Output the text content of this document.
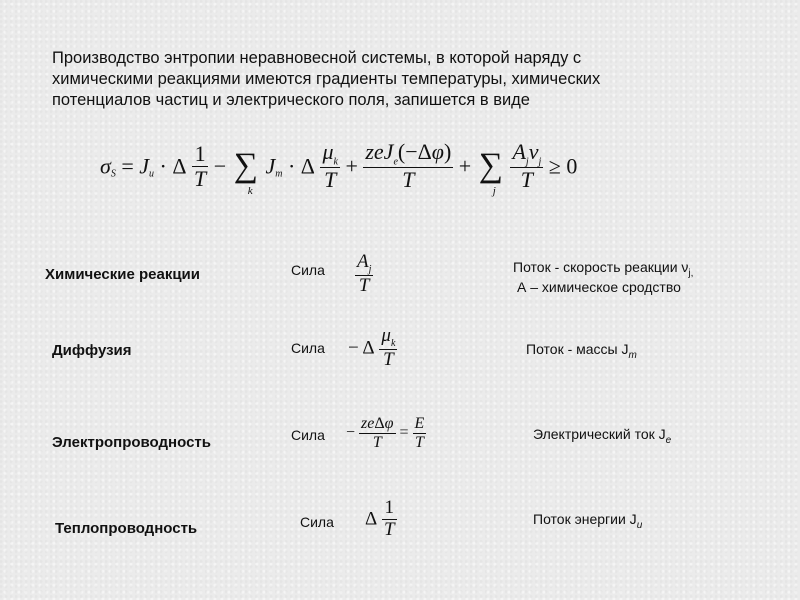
Производство энтропии неравновесной системы, в которой наряду с
химическими реакциями имеются градиенты температуры, химических
потенциалов частиц и электрического поля, запишется в виде
$\sigma_S = J_u \cdot \Delta \frac{1}{T}$ − ∑
k
$J_m \cdot \Delta \frac{\mu_k}{T} + \frac{zeJ_e(-\Delta\varphi)}{T}$ + ∑
j
$\frac{A_j\nu_j}{T} \ge 0$
Химические реакции	Сила $\frac{A_j}{T}$	Поток - скорость реакции $\nu_{j,}$
А – химическое сродство
Диффузия	Сила − Δ $\frac{\mu_k}{T}$	Поток - массы $J_m$
Электропроводность	Сила − $\frac{\text{zeΔφ}}{T} = \frac{E}{T}$	Электрический ток $J_e$
Теплопроводность	Сила Δ $\frac{1}{T}$	Поток энергии $J_u$
